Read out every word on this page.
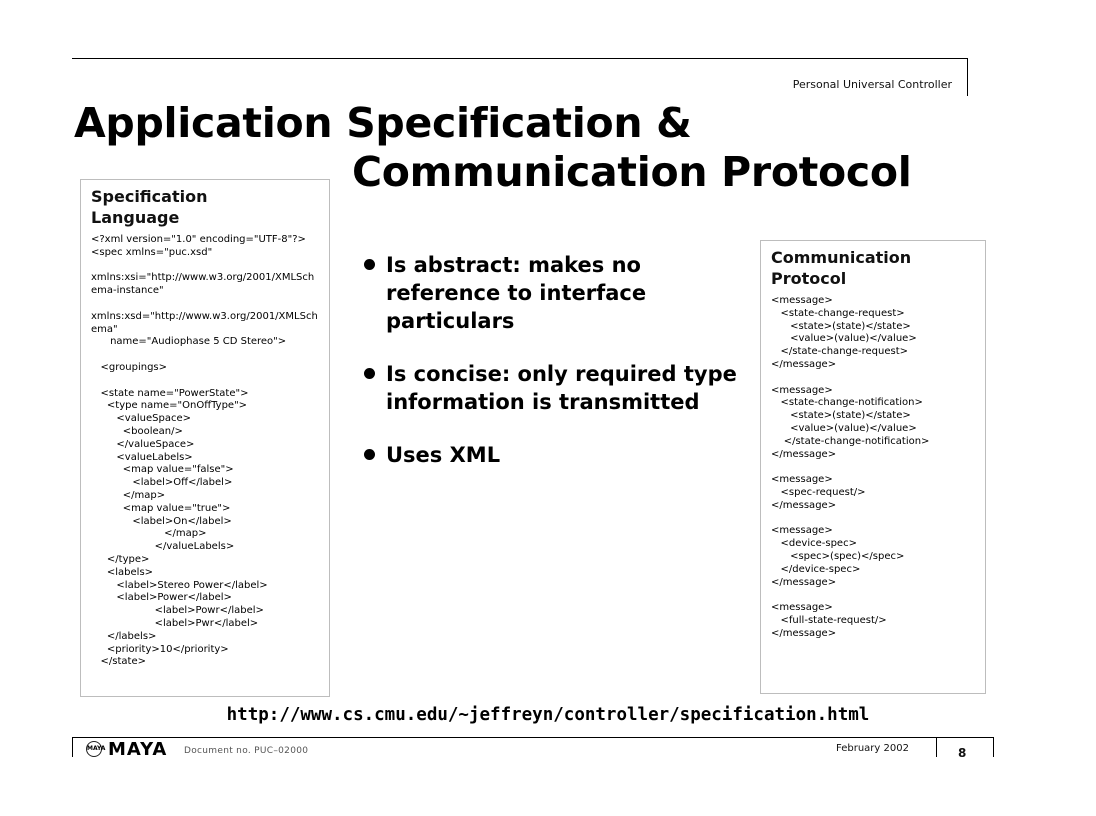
Personal Universal Controller
Application Specification &
Communication Protocol
Specification
Language
<?xml version="1.0" encoding="UTF-8"?>
<spec xmlns="puc.xsd"
xmlns:xsi="http://www.w3.org/2001/XMLSchema-instance"
xmlns:xsd="http://www.w3.org/2001/XMLSchema"
name="Audiophase 5 CD Stereo">
<groupings>
<state name="PowerState">
<type name="OnOffType">
<valueSpace>
<boolean/>
</valueSpace>
<valueLabels>
<map value="false">
<label>Off</label>
</map>
<map value="true">
<label>On</label>
</map>
</valueLabels>
</type>
<labels>
<label>Stereo Power</label>
<label>Power</label>
<label>Powr</label>
<label>Pwr</label>
</labels>
<priority>10</priority>
</state>
Is abstract: makes no reference to interface particulars
Is concise: only required type information is transmitted
Uses XML
Communication
Protocol
<message>
<state-change-request>
<state>(state)</state>
<value>(value)</value>
</state-change-request>
</message>
<message>
<state-change-notification>
<state>(state)</state>
<value>(value)</value>
</state-change-notification>
</message>
<message>
<spec-request/>
</message>
<message>
<device-spec>
<spec>(spec)</spec>
</device-spec>
</message>
<message>
<full-state-request/>
</message>
http://www.cs.cmu.edu/~jeffreyn/controller/specification.html
MAYA MAYA Document no. PUC–02000	February 2002	8
